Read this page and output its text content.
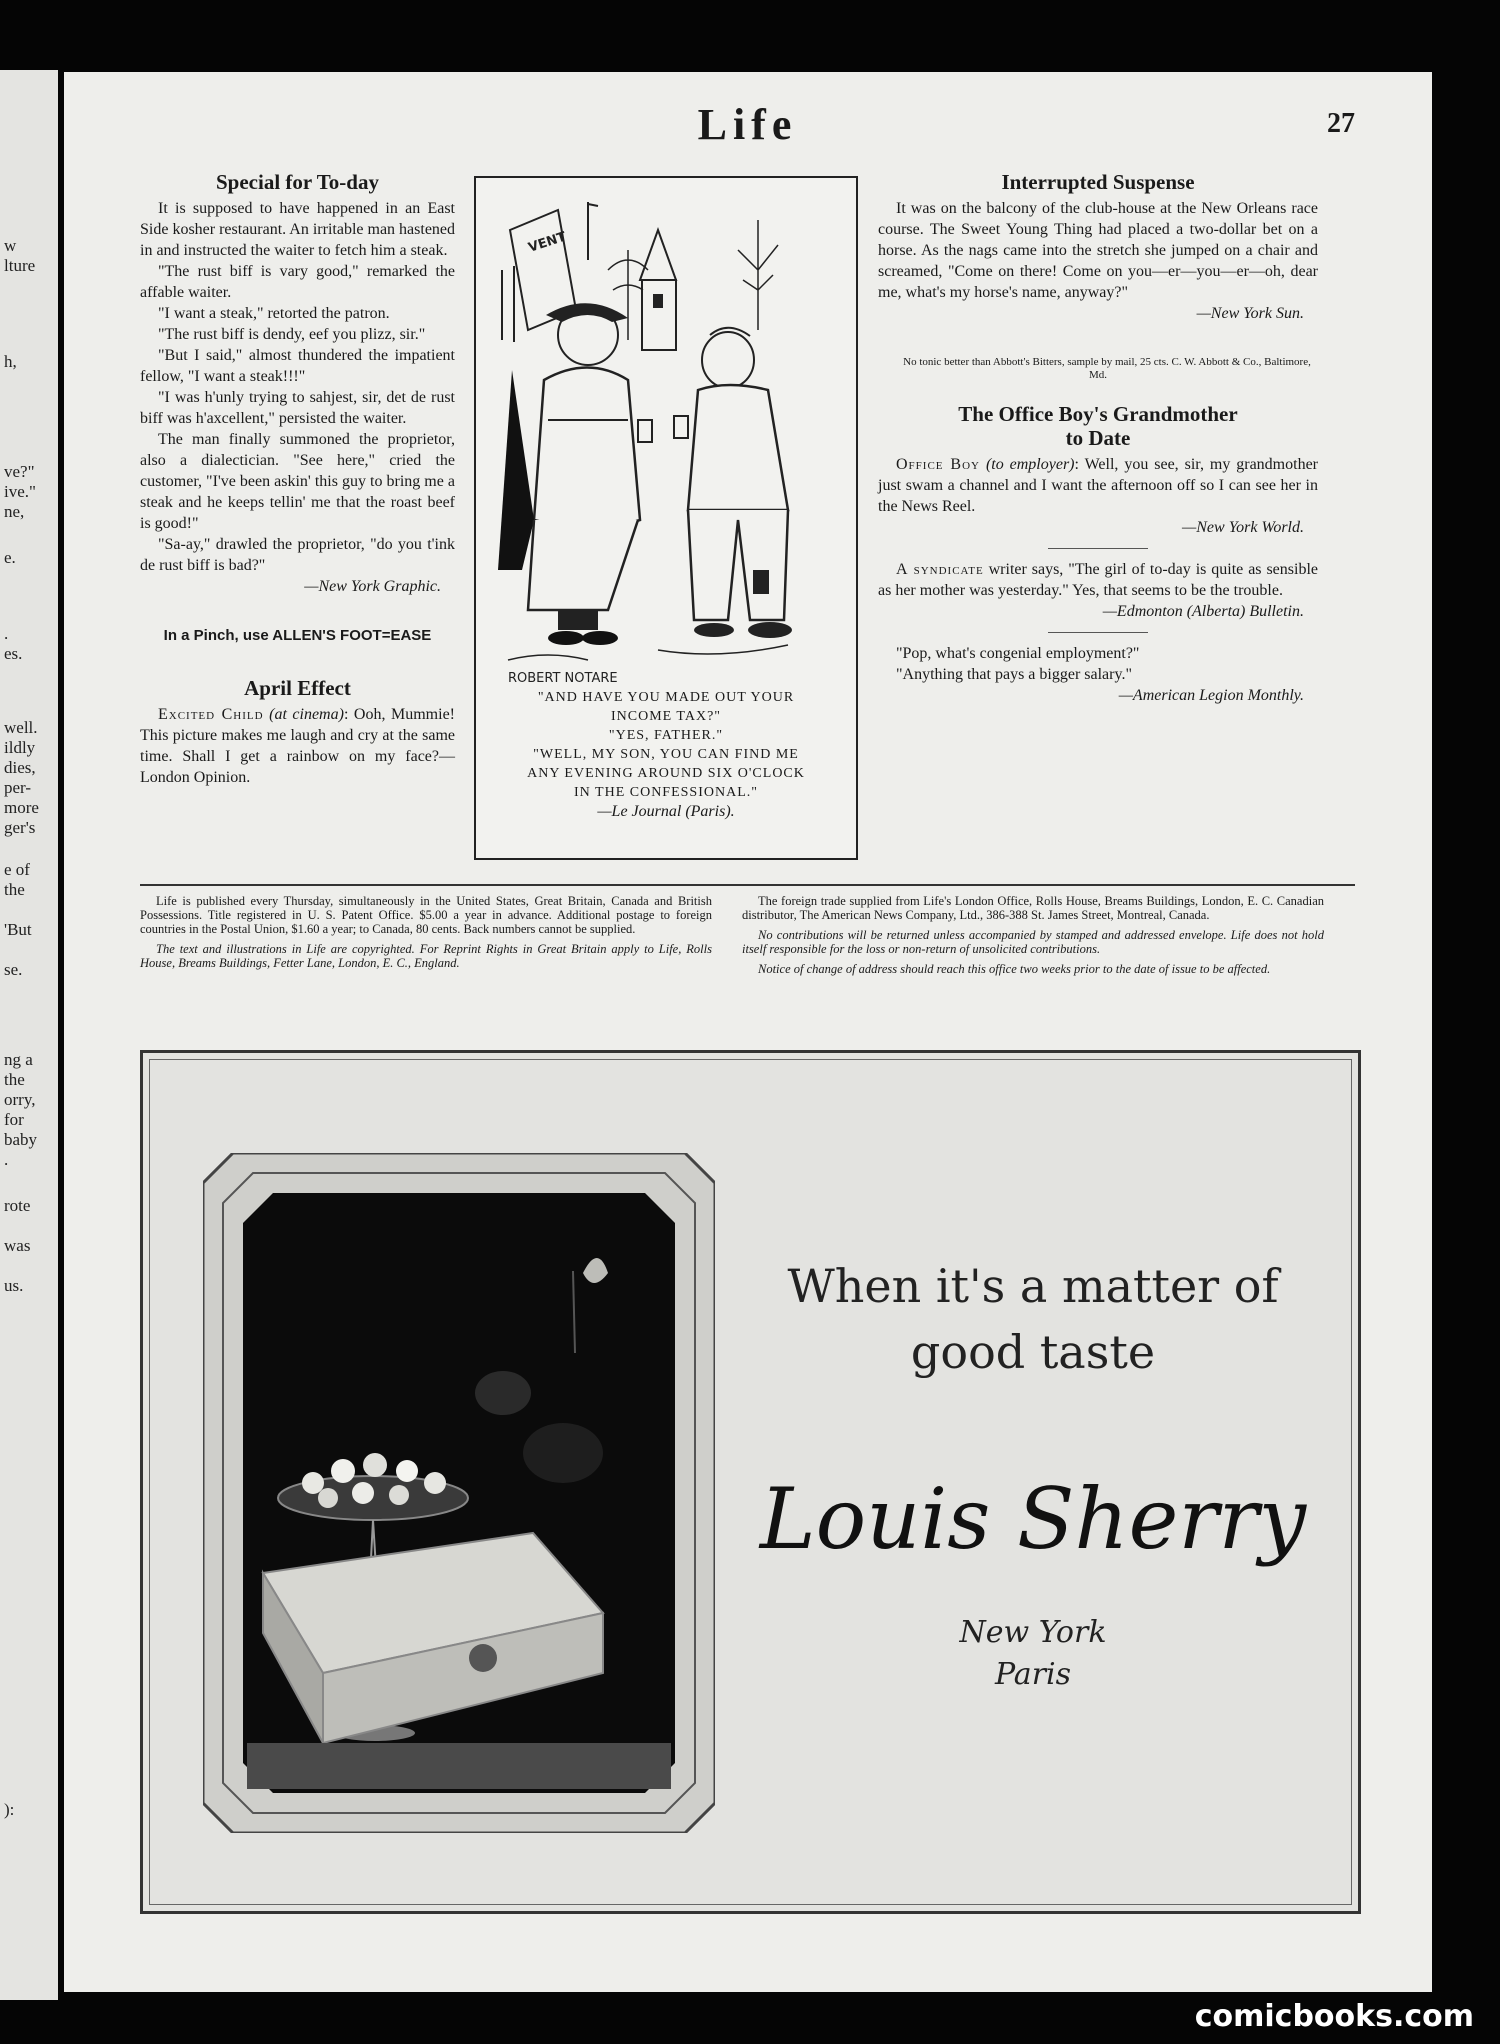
Life	27
Special for To-day

It is supposed to have happened in an East Side kosher restaurant. An irritable man hastened in and instructed the waiter to fetch him a steak.

"The rust biff is vary good," remarked the affable waiter.

"I want a steak," retorted the patron.

"The rust biff is dendy, eef you plizz, sir."

"But I said," almost thundered the impatient fellow, "I want a steak!!!"

"I was h'unly trying to sahjest, sir, det de rust biff was h'axcellent," persisted the waiter.

The man finally summoned the proprietor, also a dialectician. "See here," cried the customer, "I've been askin' this guy to bring me a steak and he keeps tellin' me that the roast beef is good!"

"Sa-ay," drawled the proprietor, "do you t'ink de rust biff is bad?"

—New York Graphic.
In a Pinch, use ALLEN'S FOOT=EASE
April Effect

Excited Child (at cinema): Ooh, Mummie! This picture makes me laugh and cry at the same time. Shall I get a rainbow on my face?—London Opinion.

VENT
ROBERT NOTARE
"AND HAVE YOU MADE OUT YOUR
INCOME TAX?"
"YES, FATHER."
"WELL, MY SON, YOU CAN FIND ME
ANY EVENING AROUND SIX O'CLOCK
IN THE CONFESSIONAL."
—Le Journal (Paris).
Interrupted Suspense

It was on the balcony of the club-house at the New Orleans race course. The Sweet Young Thing had placed a two-dollar bet on a horse. As the nags came into the stretch she jumped on a chair and screamed, "Come on there! Come on you—er—you—er—oh, dear me, what's my horse's name, anyway?"

—New York Sun.

No tonic better than Abbott's Bitters, sample by mail, 25 cts. C. W. Abbott & Co., Baltimore, Md.

The Office Boy's Grandmother
to Date

Office Boy (to employer): Well, you see, sir, my grandmother just swam a channel and I want the afternoon off so I can see her in the News Reel.

—New York World.

A syndicate writer says, "The girl of to-day is quite as sensible as her mother was yesterday." Yes, that seems to be the trouble.

—Edmonton (Alberta) Bulletin.

"Pop, what's congenial employment?"

"Anything that pays a bigger salary."

—American Legion Monthly.

Life is published every Thursday, simultaneously in the United States, Great Britain, Canada and British Possessions. Title registered in U. S. Patent Office. $5.00 a year in advance. Additional postage to foreign countries in the Postal Union, $1.60 a year; to Canada, 80 cents. Back numbers cannot be supplied.

The text and illustrations in Life are copyrighted. For Reprint Rights in Great Britain apply to Life, Rolls House, Breams Buildings, Fetter Lane, London, E. C., England.

The foreign trade supplied from Life's London Office, Rolls House, Breams Buildings, London, E. C. Canadian distributor, The American News Company, Ltd., 386-388 St. James Street, Montreal, Canada.

No contributions will be returned unless accompanied by stamped and addressed envelope. Life does not hold itself responsible for the loss or non-return of unsolicited contributions.

Notice of change of address should reach this office two weeks prior to the date of issue to be affected.

When it's a matter of
good taste
Louis Sherry
New York
Paris
w
lture
h,
ve?"
ive."
ne,
e.
.
es.
well.
ildly
dies,
per-
more
ger's
e of
the
'But
se.
ng a
the
orry,
for
baby
.
rote
was
us.
):
comicbooks.com
